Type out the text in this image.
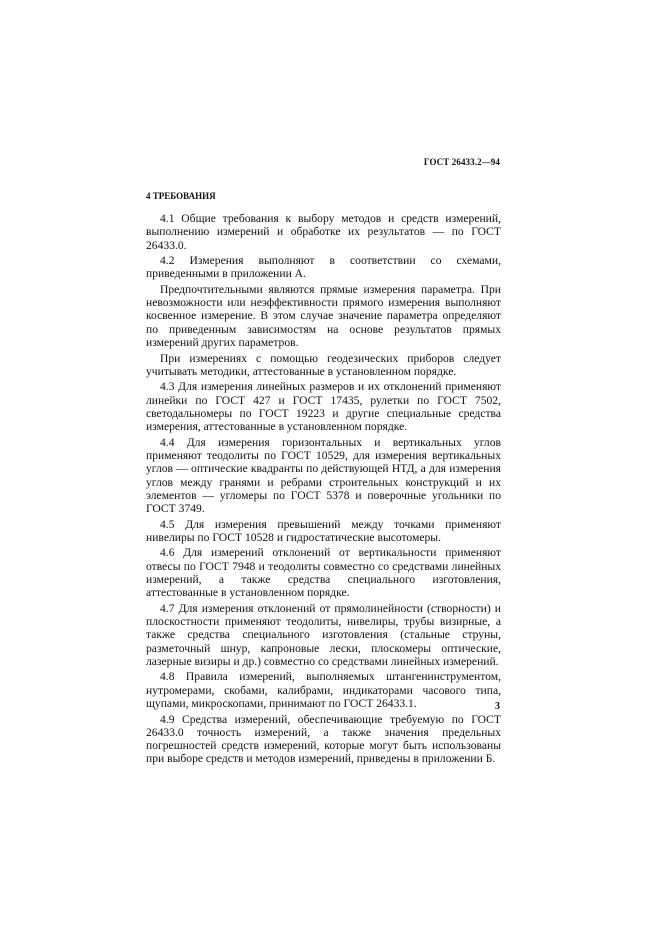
ГОСТ 26433.2—94
4 ТРЕБОВАНИЯ

4.1 Общие требования к выбору методов и средств измерений, выполнению измерений и обработке их результатов — по ГОСТ 26433.0.

4.2 Измерения выполняют в соответствии со схемами, приведенными в приложении А.

Предпочтительными являются прямые измерения параметра. При невозможности или неэффективности прямого измерения выполняют косвенное измерение. В этом случае значение параметра определяют по приведенным зависимостям на основе результатов прямых измерений других параметров.

При измерениях с помощью геодезических приборов следует учитывать методики, аттестованные в установленном порядке.

4.3 Для измерения линейных размеров и их отклонений применяют линейки по ГОСТ 427 и ГОСТ 17435, рулетки по ГОСТ 7502, светодальномеры по ГОСТ 19223 и другие специальные средства измерения, аттестованные в установленном порядке.

4.4 Для измерения горизонтальных и вертикальных углов применяют теодолиты по ГОСТ 10529, для измерения вертикальных углов — оптические квадранты по действующей НТД, а для измерения углов между гранями и ребрами строительных конструкций и их элементов — угломеры по ГОСТ 5378 и поверочные угольники по ГОСТ 3749.

4.5 Для измерения превышений между точками применяют нивелиры по ГОСТ 10528 и гидростатические высотомеры.

4.6 Для измерений отклонений от вертикальности применяют отвесы по ГОСТ 7948 и теодолиты совместно со средствами линейных измерений, а также средства специального изготовления, аттестованные в установленном порядке.

4.7 Для измерения отклонений от прямолинейности (створности) и плоскостности применяют теодолиты, нивелиры, трубы визирные, а также средства специального изготовления (стальные струны, разметочный шнур, капроновые лески, плоскомеры оптические, лазерные визиры и др.) совместно со средствами линейных измерений.

4.8 Правила измерений, выполняемых штангенинструментом, нутромерами, скобами, калибрами, индикаторами часового типа, щупами, микроскопами, принимают по ГОСТ 26433.1.

4.9 Средства измерений, обеспечивающие требуемую по ГОСТ 26433.0 точность измерений, а также значения предельных погрешностей средств измерений, которые могут быть использованы при выборе средств и методов измерений, приведены в приложении Б.

3
